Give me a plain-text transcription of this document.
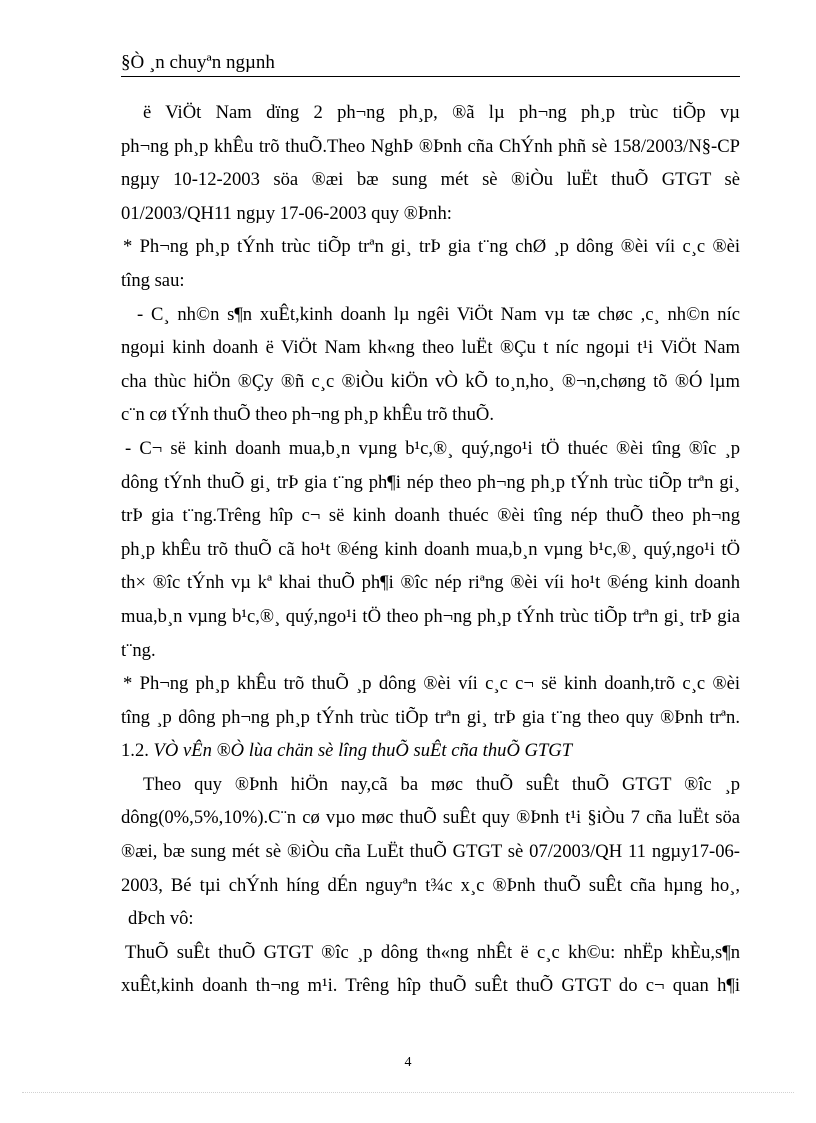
§Ò ¸n chuyªn ngµnh
ë ViÖt Nam dïng 2 ph¬ng ph¸p, ®ã lµ ph¬ng ph¸p trùc tiÕp vµ
ph¬ng ph¸p khÊu trõ thuÕ.Theo NghÞ ®Þnh cña ChÝnh phñ sè 158/2003/N§-CP
ngµy 10-12-2003 söa ®æi bæ sung mét sè ®iÒu luËt thuÕ GTGT sè
01/2003/QH11 ngµy 17-06-2003 quy ®Þnh:
* Ph¬ng ph¸p tÝnh trùc tiÕp trªn gi¸ trÞ gia t¨ng chØ ¸p dông ®èi víi c¸c ®èi
tîng sau:
- C¸ nh©n s¶n xuÊt,kinh doanh lµ ngêi ViÖt Nam vµ tæ chøc ,c¸ nh©n níc
ngoµi kinh doanh ë ViÖt Nam kh«ng theo luËt ®Çu t níc ngoµi t¹i ViÖt Nam
cha thùc hiÖn ®Çy ®ñ c¸c ®iÒu kiÖn vÒ kÕ to¸n,ho¸ ®¬n,chøng tõ ®Ó lµm
c¨n cø tÝnh thuÕ theo ph¬ng ph¸p khÊu trõ thuÕ.
- C¬ së kinh doanh mua,b¸n vµng b¹c,®¸ quý,ngo¹i tÖ thuéc ®èi tîng ®îc ¸p
dông tÝnh thuÕ gi¸ trÞ gia t¨ng ph¶i nép theo ph¬ng ph¸p tÝnh trùc tiÕp trªn gi¸
trÞ gia t¨ng.Trêng hîp c¬ së kinh doanh thuéc ®èi tîng nép thuÕ theo ph¬ng
ph¸p khÊu trõ thuÕ cã ho¹t ®éng kinh doanh mua,b¸n vµng b¹c,®¸ quý,ngo¹i tÖ
th× ®îc tÝnh vµ kª khai thuÕ ph¶i ®îc nép riªng ®èi víi ho¹t ®éng kinh doanh
mua,b¸n vµng b¹c,®¸ quý,ngo¹i tÖ theo ph¬ng ph¸p tÝnh trùc tiÕp trªn gi¸ trÞ gia
t¨ng.
* Ph¬ng ph¸p khÊu trõ thuÕ ¸p dông ®èi víi c¸c c¬ së kinh doanh,trõ c¸c ®èi
tîng ¸p dông ph¬ng ph¸p tÝnh trùc tiÕp trªn gi¸ trÞ gia t¨ng theo quy ®Þnh trªn.
1.2. VÒ vÊn ®Ò lùa chän sè lîng thuÕ suÊt cña thuÕ GTGT
Theo quy ®Þnh hiÖn nay,cã ba møc thuÕ suÊt thuÕ GTGT ®îc ¸p
dông(0%,5%,10%).C¨n cø vµo møc thuÕ suÊt quy ®Þnh t¹i §iÒu 7 cña luËt söa
®æi, bæ sung mét sè ®iÒu cña LuËt thuÕ GTGT sè 07/2003/QH 11 ngµy17-06-
2003, Bé tµi chÝnh híng dÉn nguyªn t¾c x¸c ®Þnh thuÕ suÊt cña hµng ho¸,
dÞch vô:
ThuÕ suÊt thuÕ GTGT ®îc ¸p dông th«ng nhÊt ë c¸c kh©u: nhËp khÈu,s¶n
xuÊt,kinh doanh th¬ng m¹i. Trêng hîp thuÕ suÊt thuÕ GTGT do c¬ quan h¶i
4
